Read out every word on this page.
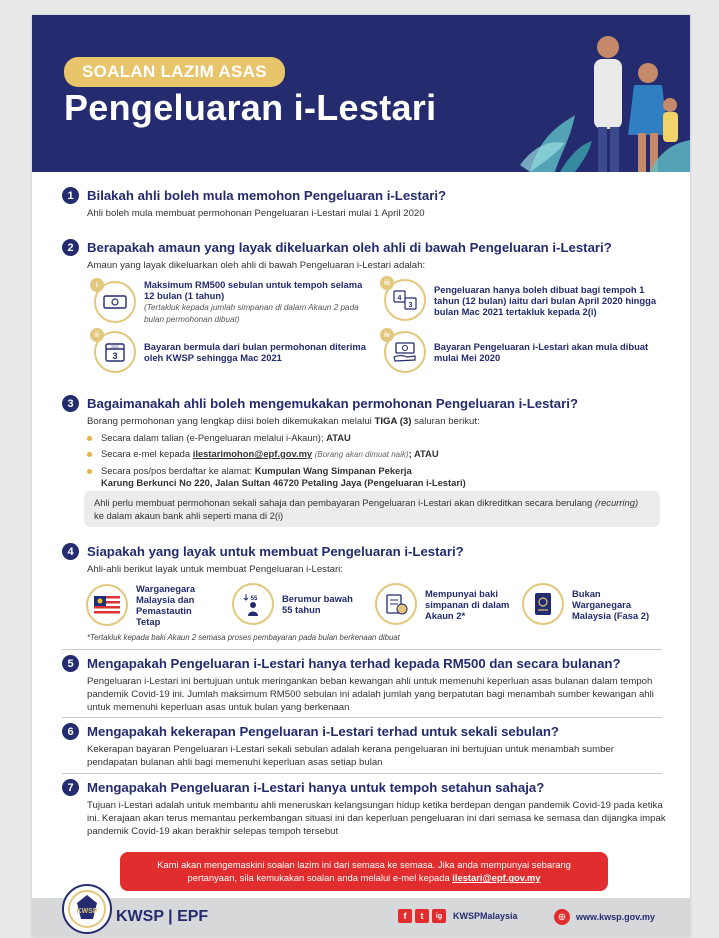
SOALAN LAZIM ASAS
Pengeluaran i-Lestari
1	Bilakah ahli boleh mula memohon Pengeluaran i-Lestari?
Ahli boleh mula membuat permohonan Pengeluaran i-Lestari mulai 1 April 2020
2	Berapakah amaun yang layak dikeluarkan oleh ahli di bawah Pengeluaran i-Lestari?
Amaun yang layak dikeluarkan oleh ahli di bawah Pengeluaran i-Lestari adalah:
i	Maksimum RM500 sebulan untuk tempoh selama 12 bulan (1 tahun)
(Tertakluk kepada jumlah simpanan di dalam Akaun 2 pada bulan permohonan dibuat)
ii
3
2021	Bayaran bermula dari bulan permohonan diterima oleh KWSP sehingga Mac 2021
iii
4
3
Pengeluaran hanya boleh dibuat bagi tempoh 1 tahun (12 bulan) iaitu dari bulan April 2020 hingga bulan Mac 2021 tertakluk kepada 2(i)
iv
Bayaran Pengeluaran i-Lestari akan mula dibuat mulai Mei 2020
3	Bagaimanakah ahli boleh mengemukakan permohonan Pengeluaran i-Lestari?
Borang permohonan yang lengkap diisi boleh dikemukakan melalui TIGA (3) saluran berikut:
Secara dalam talian (e-Pengeluaran melalui i-Akaun); ATAU
Secara e-mel kepada ilestarimohon@epf.gov.my (Borang akan dimuat naik); ATAU
Secara pos/pos berdaftar ke alamat: Kumpulan Wang Simpanan Pekerja
Karung Berkunci No 220, Jalan Sultan 46720 Petaling Jaya (Pengeluaran i-Lestari)
Ahli perlu membuat permohonan sekali sahaja dan pembayaran Pengeluaran i-Lestari akan dikreditkan secara berulang (recurring) ke dalam akaun bank ahli seperti mana di 2(i)
4	Siapakah yang layak untuk membuat Pengeluaran i-Lestari?
Ahli-ahli berikut layak untuk membuat Pengeluaran i-Lestari:
Warganegara Malaysia dan Pemastautin Tetap
55	Berumur bawah 55 tahun
Mempunyai baki simpanan di dalam Akaun 2*
Bukan Warganegara Malaysia (Fasa 2)
*Tertakluk kepada baki Akaun 2 semasa proses pembayaran pada bulan berkenaan dibuat
5	Mengapakah Pengeluaran i-Lestari hanya terhad kepada RM500 dan secara bulanan?
Pengeluaran i-Lestari ini bertujuan untuk meringankan beban kewangan ahli untuk memenuhi keperluan asas bulanan dalam tempoh pandemik Covid-19 ini. Jumlah maksimum RM500 sebulan ini adalah jumlah yang berpatutan bagi menambah sumber kewangan ahli untuk memenuhi keperluan asas untuk bulan yang berkenaan
6	Mengapakah kekerapan Pengeluaran i-Lestari terhad untuk sekali sebulan?
Kekerapan bayaran Pengeluaran i-Lestari sekali sebulan adalah kerana pengeluaran ini bertujuan untuk menambah sumber pendapatan bulanan ahli bagi memenuhi keperluan asas setiap bulan
7	Mengapakah Pengeluaran i-Lestari hanya untuk tempoh setahun sahaja?
Tujuan i-Lestari adalah untuk membantu ahli meneruskan kelangsungan hidup ketika berdepan dengan pandemik Covid-19 pada ketika ini. Kerajaan akan terus memantau perkembangan situasi ini dan keperluan pengeluaran ini dari semasa ke semasa dan dijangka impak pandemik Covid-19 akan berakhir selepas tempoh tersebut
Kami akan mengemaskini soalan lazim ini dari semasa ke semasa. Jika anda mempunyai sebarang pertanyaan, sila kemukakan soalan anda melalui e-mel kepada ilestari@epf.gov.my
KWSP KWSP | EPF	f	t	ig	KWSPMalaysia	⊕	www.kwsp.gov.my
